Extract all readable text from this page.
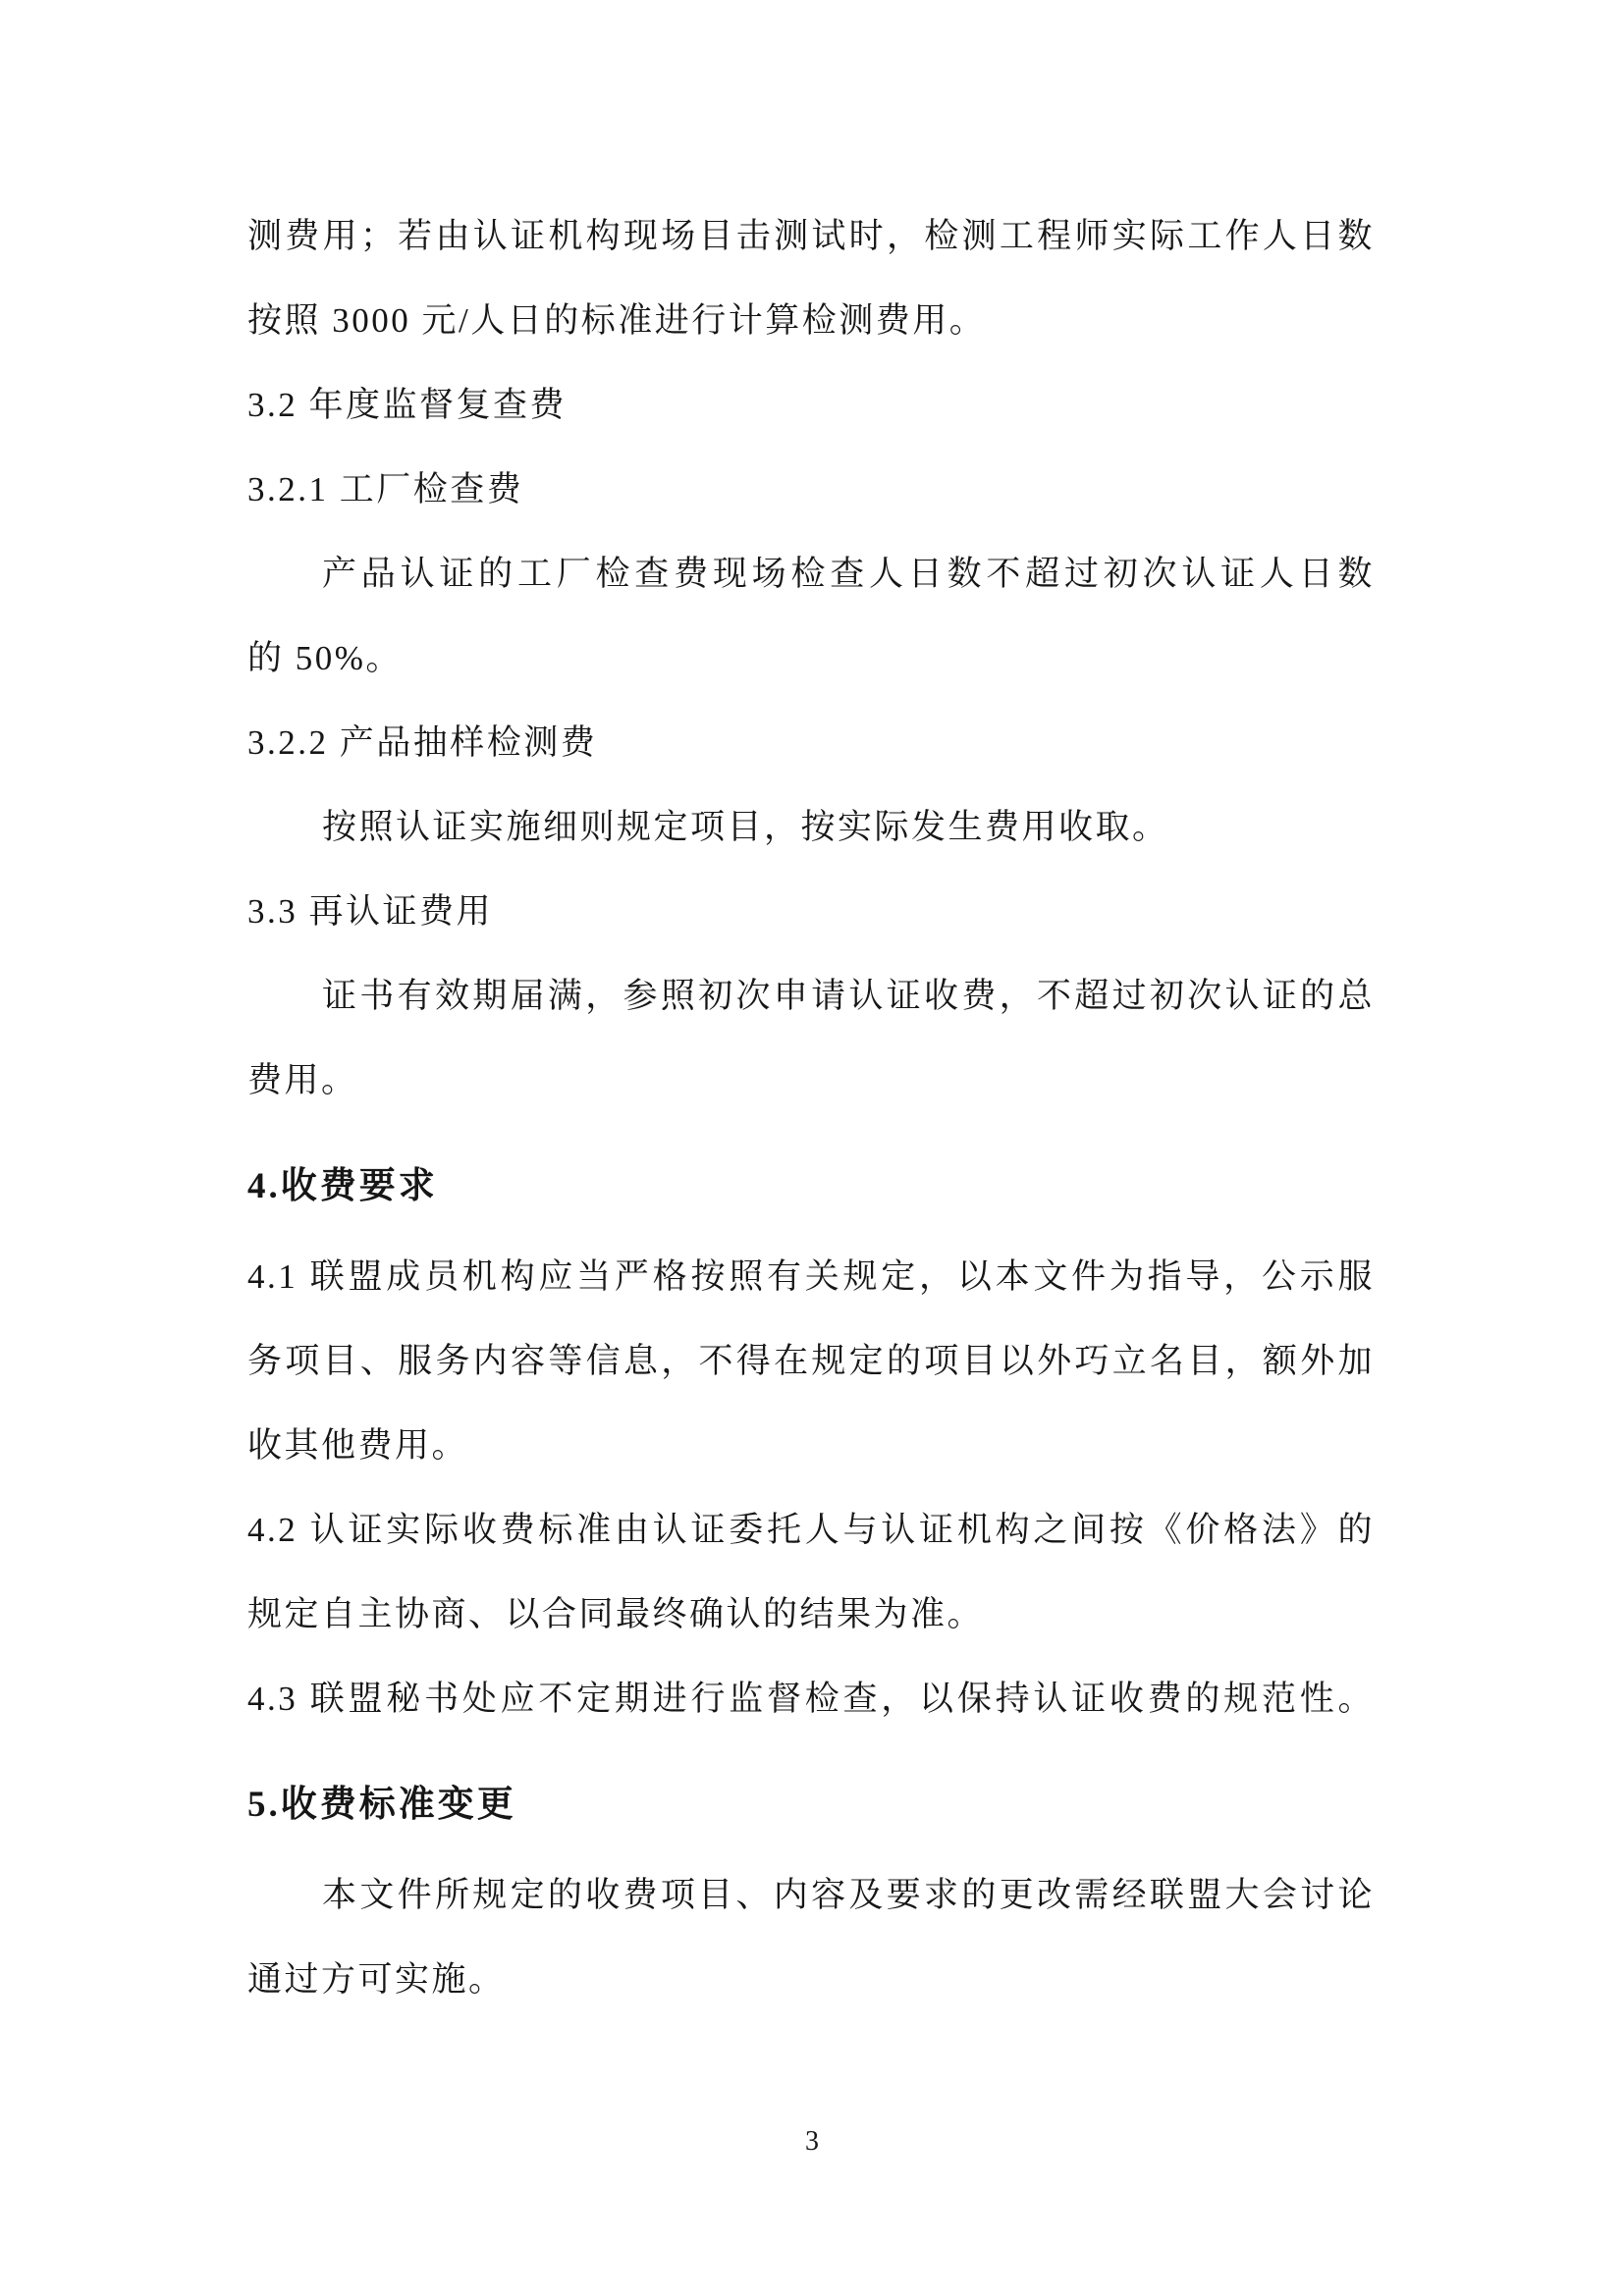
测费用；若由认证机构现场目击测试时，检测工程师实际工作人日数
按照 3000 元/人日的标准进行计算检测费用。
3.2 年度监督复查费
3.2.1 工厂检查费
产品认证的工厂检查费现场检查人日数不超过初次认证人日数
的 50%。
3.2.2 产品抽样检测费
按照认证实施细则规定项目，按实际发生费用收取。
3.3 再认证费用
证书有效期届满，参照初次申请认证收费，不超过初次认证的总
费用。
4.收费要求
4.1 联盟成员机构应当严格按照有关规定，以本文件为指导，公示服
务项目、服务内容等信息，不得在规定的项目以外巧立名目，额外加
收其他费用。
4.2 认证实际收费标准由认证委托人与认证机构之间按《价格法》的
规定自主协商、以合同最终确认的结果为准。
4.3 联盟秘书处应不定期进行监督检查，以保持认证收费的规范性。
5.收费标准变更
本文件所规定的收费项目、内容及要求的更改需经联盟大会讨论
通过方可实施。
3
